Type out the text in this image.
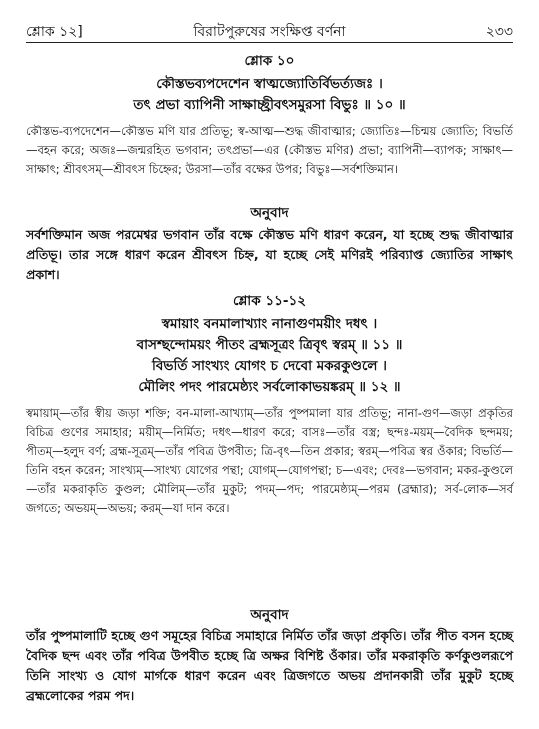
শ্লোক ১২]	বিরাটপুরুষের সংক্ষিপ্ত বর্ণনা	২৩৩
শ্লোক ১০
কৌস্তভব্যপদেশেন স্বাত্মজ্যোতির্বিভর্ত্যজঃ ।
তৎ প্রভা ব্যাপিনী সাক্ষাচ্ছ্রীবৎসমুরসা বিভুঃ ॥ ১০ ॥
কৌস্তভ-ব্যপদেশেন—কৌস্তভ মণি যার প্রতিভূ; স্ব-আত্ম—শুদ্ধ জীবাত্মার; জ্যোতিঃ—চিন্ময় জ্যোতি; বিভর্তি—বহন করে; অজঃ—জন্মরহিত ভগবান; তৎপ্রভা—এর (কৌস্তভ মণির) প্রভা; ব্যাপিনী—ব্যাপক; সাক্ষাৎ—সাক্ষাৎ; শ্রীবৎসম্—শ্রীবৎস চিহ্নের; উরসা—তাঁর বক্ষের উপর; বিভুঃ—সর্বশক্তিমান।
অনুবাদ
সর্বশক্তিমান অজ পরমেশ্বর ভগবান তাঁর বক্ষে কৌস্তভ মণি ধারণ করেন, যা হচ্ছে শুদ্ধ জীবাত্মার প্রতিভূ। তার সঙ্গে ধারণ করেন শ্রীবৎস চিহ্ন, যা হচ্ছে সেই মণিরই পরিব্যাপ্ত জ্যোতির সাক্ষাৎ প্রকাশ।
শ্লোক ১১-১২
স্বমায়াং বনমালাখ্যাং নানাগুণময়ীং দধৎ ।
বাসশ্ছন্দোময়ং পীতং ব্রহ্মসূত্রং ত্রিবৃৎ স্বরম্ ॥ ১১ ॥
বিভর্তি সাংখ্যং যোগং চ দেবো মকরকুণ্ডলে ।
মৌলিং পদং পারমেষ্ঠ্যং সর্বলোকাভয়ঙ্করম্ ॥ ১২ ॥
স্বমায়াম্—তাঁর স্বীয় জড়া শক্তি; বন-মালা-আখ্যাম্—তাঁর পুষ্পমালা যার প্রতিভূ; নানা-গুণ—জড়া প্রকৃতির বিচিত্র গুণের সমাহার; ময়ীম্—নির্মিত; দধৎ—ধারণ করে; বাসঃ—তাঁর বস্ত্র; ছন্দঃ-ময়ম্—বৈদিক ছন্দময়; পীতম্—হলুদ বর্ণ; ব্রহ্ম-সূত্রম্—তাঁর পবিত্র উপবীত; ত্রি-বৃৎ—তিন প্রকার; স্বরম্—পবিত্র স্বর ওঁকার; বিভর্তি—তিনি বহন করেন; সাংখ্যম্—সাংখ্য যোগের পন্থা; যোগম্—যোগপন্থা; চ—এবং; দেবঃ—ভগবান; মকর-কুণ্ডলে—তাঁর মকরাকৃতি কুণ্ডল; মৌলিম্—তাঁর মুকুট; পদম্—পদ; পারমেষ্ঠ্যম্—পরম (ব্রহ্মার); সর্ব-লোক—সর্ব জগতে; অভয়ম্—অভয়; করম্—যা দান করে।
অনুবাদ
তাঁর পুষ্পমালাটি হচ্ছে গুণ সমূহের বিচিত্র সমাহারে নির্মিত তাঁর জড়া প্রকৃতি। তাঁর পীত বসন হচ্ছে বৈদিক ছন্দ এবং তাঁর পবিত্র উপবীত হচ্ছে ত্রি অক্ষর বিশিষ্ট ওঁকার। তাঁর মকরাকৃতি কর্ণকুণ্ডলরূপে তিনি সাংখ্য ও যোগ মার্গকে ধারণ করেন এবং ত্রিজগতে অভয় প্রদানকারী তাঁর মুকুট হচ্ছে ব্রহ্মলোকের পরম পদ।
